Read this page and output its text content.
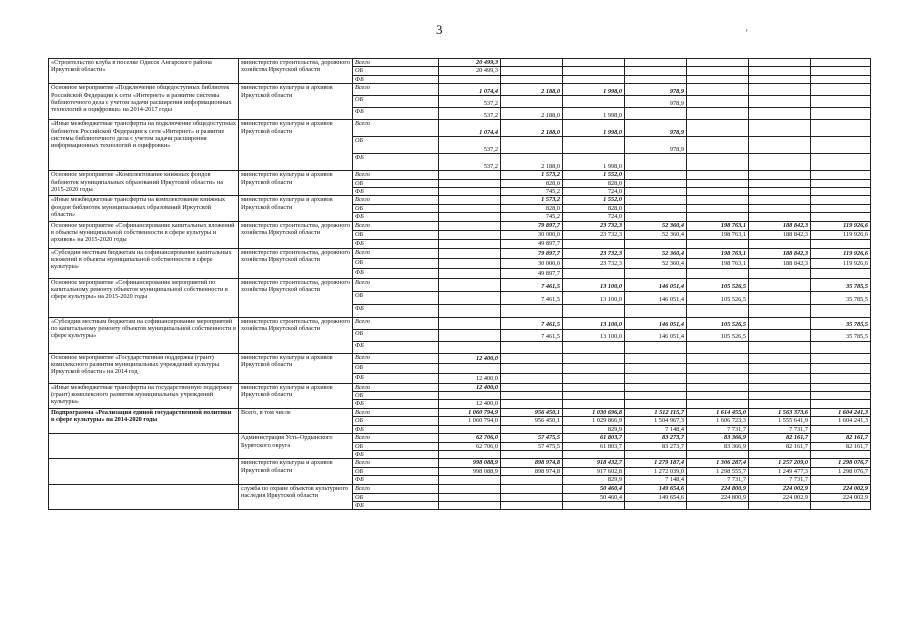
3	'
«Строительство клуба в поселке Одисск Ангарского района Иркутской области»	министерство строительства, дорожного хозяйства Иркутской области	Всего	20 499,3						
		ОБ	20 499,3						
		ФБ							
Основное мероприятие «Подключение общедоступных библиотек Российской Федерации к сети «Интернет» и развитие системы библиотечного дела с учетом задачи расширения информационных технологий и оцифровки» на 2014-2017 годы	министерство культуры и архивов Иркутской области	Всего	1 074,4	2 188,0	1 998,0	978,9			
		ОБ	537,2			978,9			
		ФБ	537,2	2 188,0	1 998,0				
«Иные межбюджетные трансферты на подключение общедоступных библиотек Российской Федерации к сети «Интернет» и развитие системы библиотечного дела с учетом задачи расширения информационных технологий и оцифровки»	министерство культуры и архивов Иркутской области	Всего	1 074,4	2 188,0	1 998,0	978,9			
		ОБ	537,2			978,9			
		ФБ	537,2	2 188,0	1 998,0				
Основное мероприятие «Комплектование книжных фондов библиотек муниципальных образований Иркутской области» на 2015-2020 годы	министерство культуры и архивов Иркутской области	Всего		1 573,2	1 552,0				
		ОБ		828,0	828,0				
		ФБ		745,2	724,0				
«Иные межбюджетные трансферты на комплектование книжных фондов библиотек муниципальных образований Иркутской области»	министерство культуры и архивов Иркутской области	Всего		1 573,2	1 552,0				
		ОБ		828,0	828,0				
		ФБ		745,2	724,0				
Основное мероприятие «Софинансирование капитальных вложений в объекты муниципальной собственности в сфере культуры и архивов» на 2015-2020 годы	министерство строительства, дорожного хозяйства Иркутской области	Всего		79 897,7	23 732,3	52 360,4	198 763,1	188 842,3	119 926,6
		ОБ		30 000,0	23 732,3	52 360,4	198 763,1	188 842,3	119 926,6
		ФБ		49 897,7					
«Субсидии местным бюджетам на софинансирование капитальных вложений в объекты муниципальной собственности в сфере культуры»	министерство строительства, дорожного хозяйства Иркутской области	Всего		79 897,7	23 732,3	52 360,4	198 763,1	188 842,3	119 926,6
		ОБ		30 000,0	23 732,3	52 360,4	198 763,1	188 842,3	119 926,6
		ФБ		49 897,7					
Основное мероприятие «Софинансирование мероприятий по капитальному ремонту объектов муниципальной собственности в сфере культуры» на 2015-2020 годы	министерство строительства, дорожного хозяйства Иркутской области	Всего		7 461,5	13 100,0	146 051,4	105 526,5		35 785,5
		ОБ		7 461,5	13 100,0	146 051,4	105 526,5		35 785,5
		ФБ							
«Субсидии местным бюджетам на софинансирование мероприятий по капитальному ремонту объектов муниципальной собственности в сфере культуры»	министерство строительства, дорожного хозяйства Иркутской области	Всего		7 461,5	13 100,0	146 051,4	105 526,5		35 785,5
		ОБ		7 461,5	13 100,0	146 051,4	105 526,5		35 785,5
		ФБ							
Основное мероприятие «Государственная поддержка (грант) комплексного развития муниципальных учреждений культуры Иркутской области» на 2014 год	министерство культуры и архивов Иркутской области	Всего	12 400,0						
		ОБ							
		ФБ	12 400,0						
«Иные межбюджетные трансферты на государственную поддержку (грант) комплексного развития муниципальных учреждений культуры»	министерство культуры и архивов Иркутской области	Всего	12 400,0						
		ОБ							
		ФБ	12 400,0						
Подпрограмма «Реализация единой государственной политики в сфере культуры» на 2014-2020 годы	Всего, в том числе	Всего	1 060 794,9	956 450,1	1 030 696,8	1 512 115,7	1 614 455,0	1 563 373,6	1 604 241,3
		ОБ	1 060 794,0	956 450,1	1 029 866,9	1 504 967,3	1 606 723,3	1 555 641,9	1 604 241,3
		ФБ			829,9	7 148,4	7 731,7	7 731,7	
	Администрация Усть-Ордынского Бурятского округа	Всего	62 706,0	57 475,5	61 803,7	83 273,7	83 366,9	82 161,7	82 161,7
		ОБ	62 706,0	57 475,5	61 803,7	83 273,7	83 366,9	82 161,7	82 161,7
		ФБ							
	министерство культуры и архивов Иркутской области	Всего	998 088,9	898 974,8	918 432,7	1 279 187,4	1 306 287,4	1 257 209,0	1 298 076,7
		ОБ	998 088,9	898 974,8	917 602,8	1 272 039,0	1 298 555,7	1 249 477,3	1 298 076,7
		ФБ			829,9	7 148,4	7 731,7	7 731,7	
	служба по охране объектов культурного наследия Иркутской области	Всего			50 460,4	149 654,6	224 800,9	224 002,9	224 002,9
		ОБ			50 460,4	149 654,6	224 800,9	224 002,9	224 002,9
		ФБ							
